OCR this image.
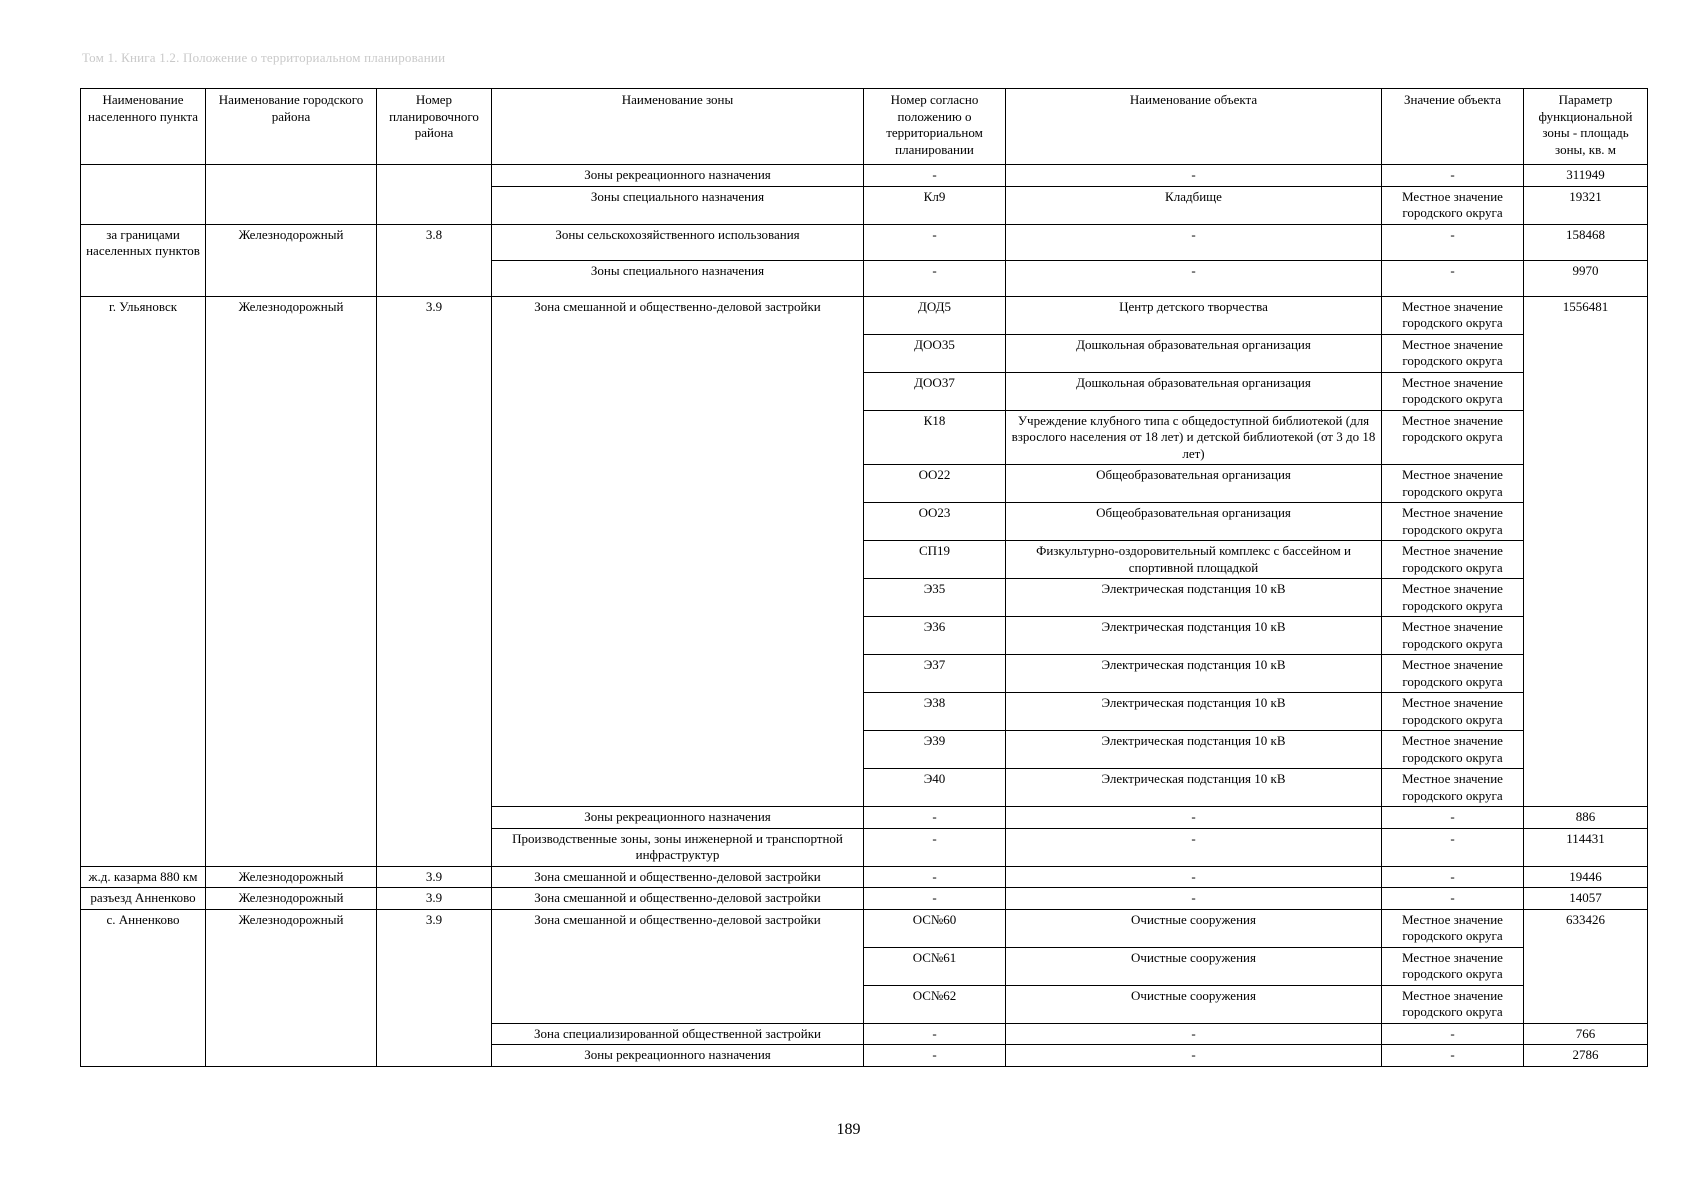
Том 1. Книга 1.2. Положение о территориальном планировании
Наименование населенного пункта	Наименование городского района	Номер планировочного района	Наименование зоны	Номер согласно положению о территориальном планировании	Наименование объекта	Значение объекта	Параметр функциональной зоны - площадь зоны, кв. м
			Зоны рекреационного назначения	-	-	-	311949
			Зоны специального назначения	Кл9	Кладбище	Местное значение городского округа	19321
за границами населенных пунктов	Железнодорожный	3.8	Зоны сельскохозяйственного использования	-	-	-	158468
			Зоны специального назначения	-	-	-	9970
г. Ульяновск	Железнодорожный	3.9	Зона смешанной и общественно-деловой застройки	ДОД5	Центр детского творчества	Местное значение городского округа	1556481
				ДОО35	Дошкольная образовательная организация	Местное значение городского округа	
				ДОО37	Дошкольная образовательная организация	Местное значение городского округа	
				К18	Учреждение клубного типа с общедоступной библиотекой (для взрослого населения от 18 лет) и детской библиотекой (от 3 до 18 лет)	Местное значение городского округа	
				ОО22	Общеобразовательная организация	Местное значение городского округа	
				ОО23	Общеобразовательная организация	Местное значение городского округа	
				СП19	Физкультурно-оздоровительный комплекс с бассейном и спортивной площадкой	Местное значение городского округа	
				Э35	Электрическая подстанция 10 кВ	Местное значение городского округа	
				Э36	Электрическая подстанция 10 кВ	Местное значение городского округа	
				Э37	Электрическая подстанция 10 кВ	Местное значение городского округа	
				Э38	Электрическая подстанция 10 кВ	Местное значение городского округа	
				Э39	Электрическая подстанция 10 кВ	Местное значение городского округа	
				Э40	Электрическая подстанция 10 кВ	Местное значение городского округа	
			Зоны рекреационного назначения	-	-	-	886
			Производственные зоны, зоны инженерной и транспортной инфраструктур	-	-	-	114431
ж.д. казарма 880 км	Железнодорожный	3.9	Зона смешанной и общественно-деловой застройки	-	-	-	19446
разъезд Анненково	Железнодорожный	3.9	Зона смешанной и общественно-деловой застройки	-	-	-	14057
с. Анненково	Железнодорожный	3.9	Зона смешанной и общественно-деловой застройки	ОС№60	Очистные сооружения	Местное значение городского округа	633426
				ОС№61	Очистные сооружения	Местное значение городского округа	
				ОС№62	Очистные сооружения	Местное значение городского округа	
			Зона специализированной общественной застройки	-	-	-	766
			Зоны рекреационного назначения	-	-	-	2786
189
